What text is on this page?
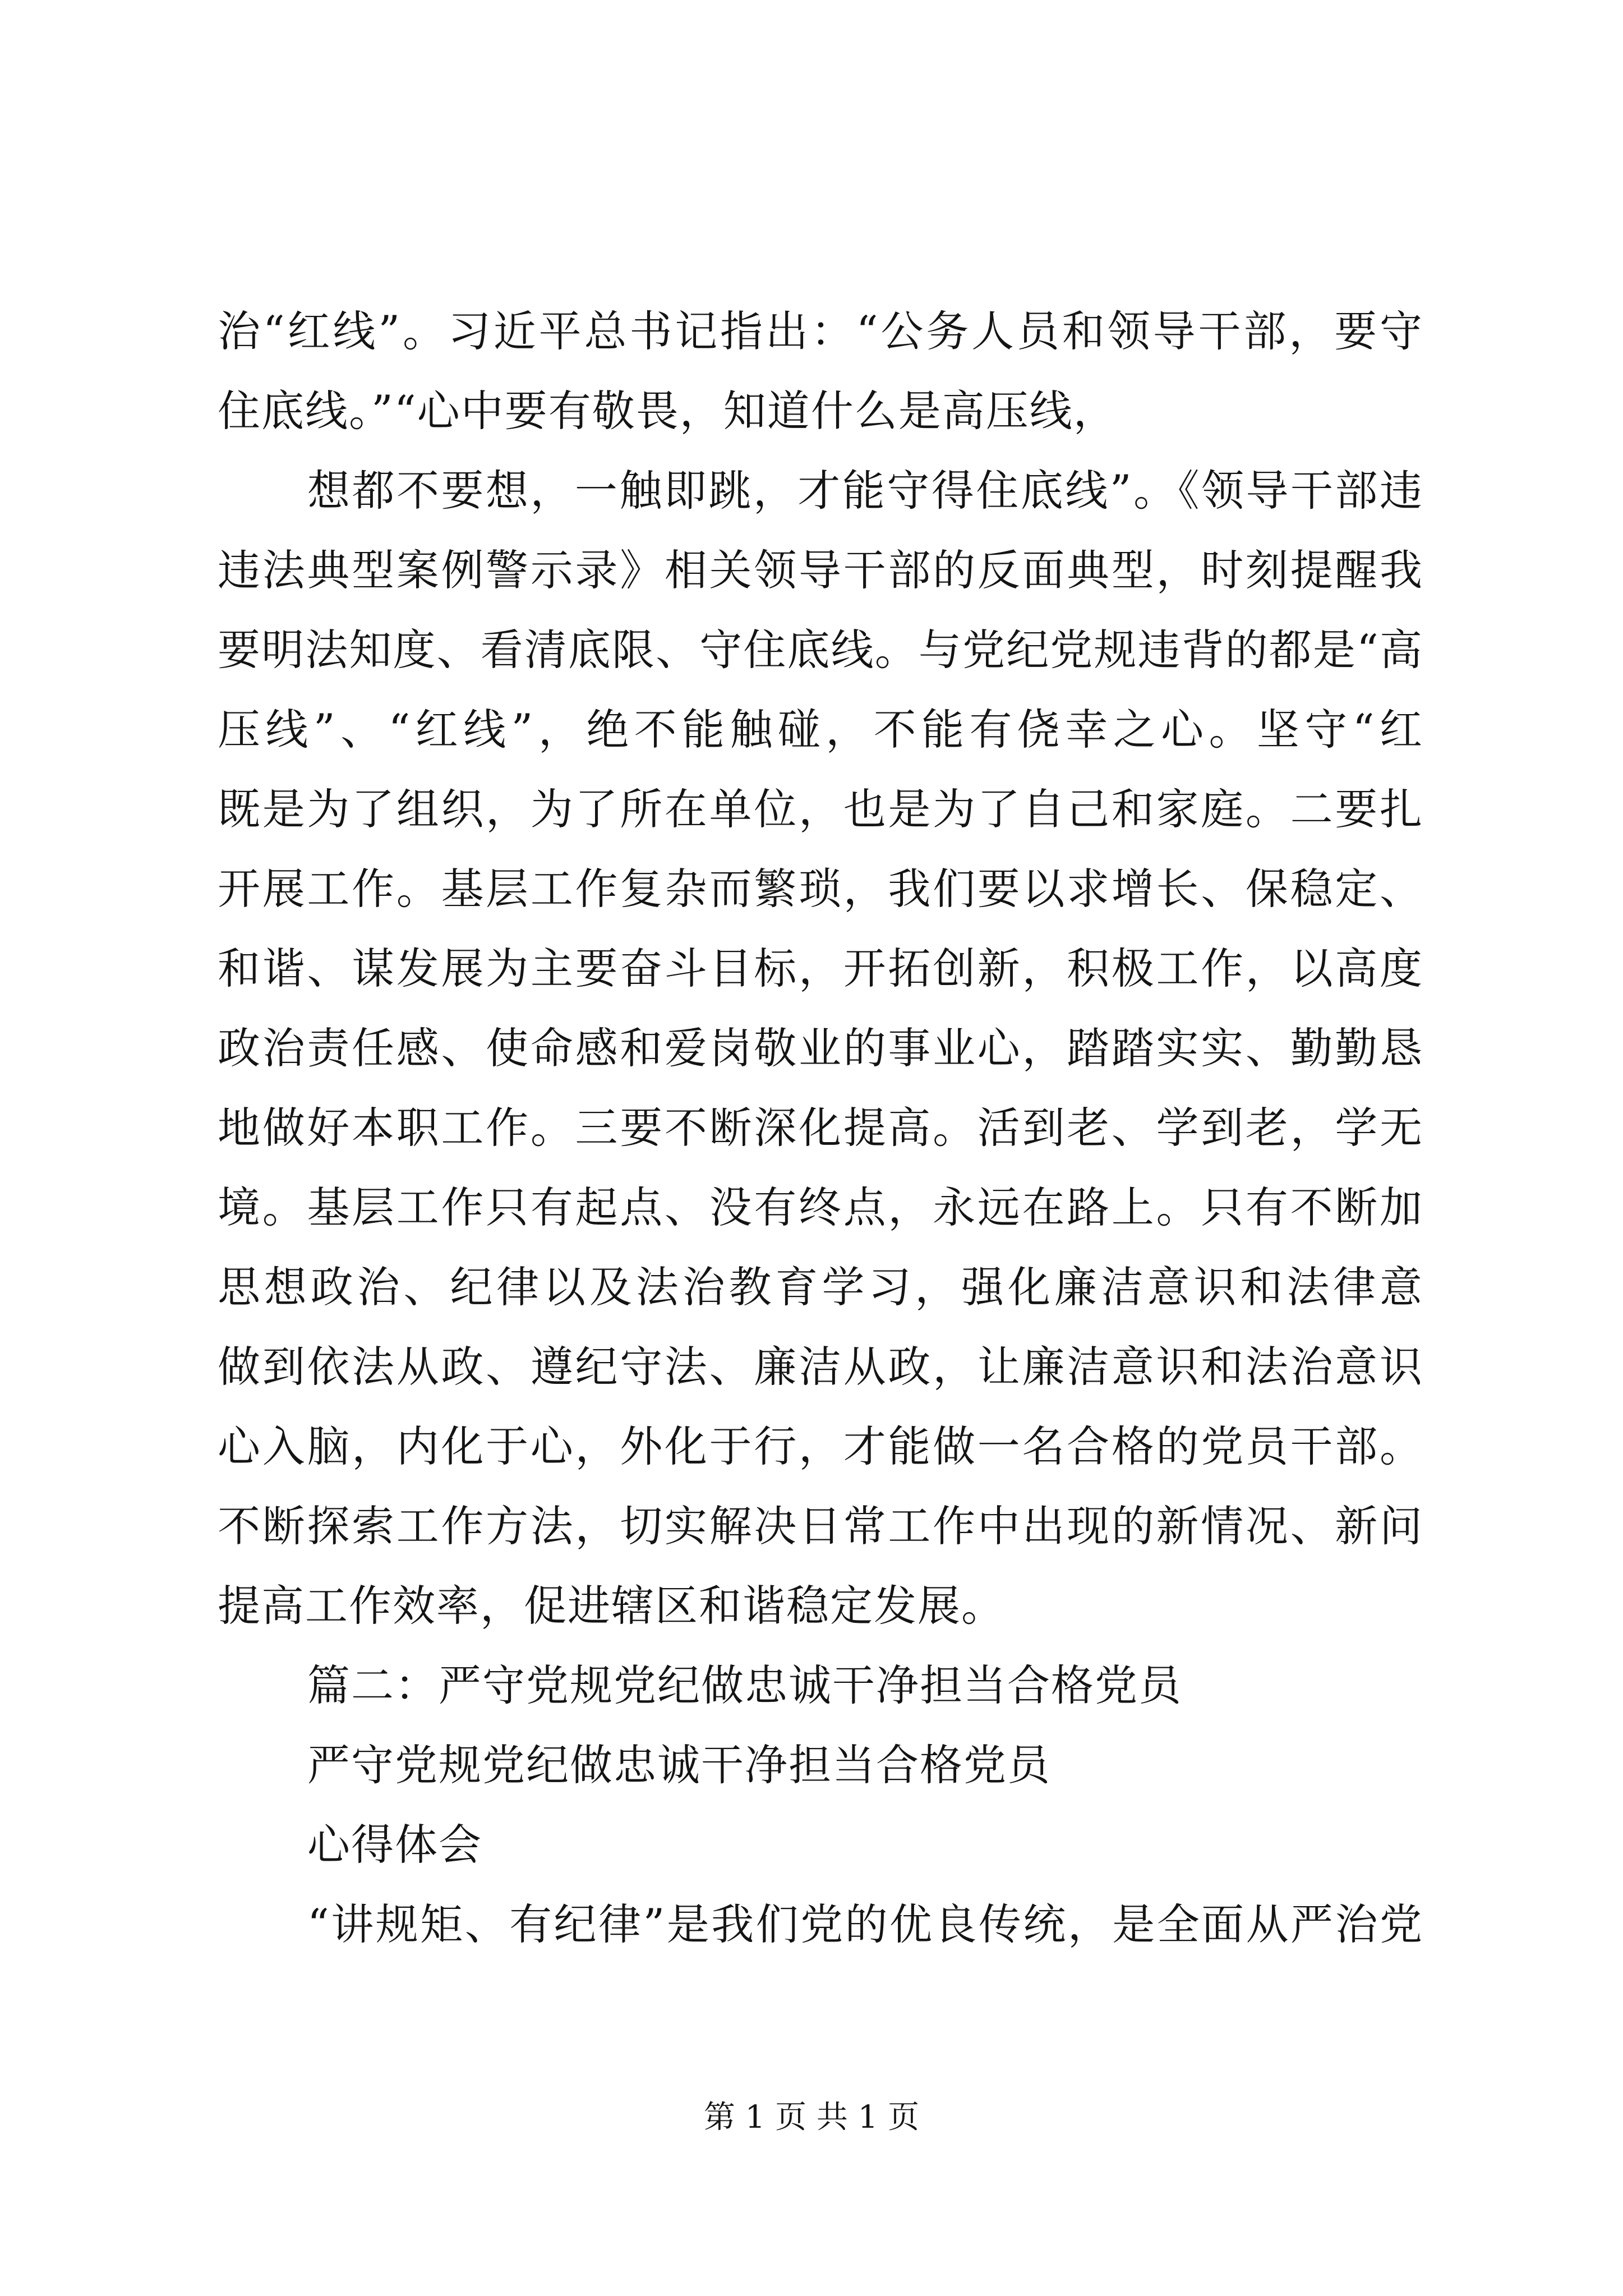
治“红线”。习近平总书记指出：“公务人员和领导干部，要守
住底线。”“心中要有敬畏，知道什么是高压线，
想都不要想，一触即跳，才能守得住底线”。《领导干部违
违法典型案例警示录》相关领导干部的反面典型，时刻提醒我
要明法知度、看清底限、守住底线。与党纪党规违背的都是“高
压线”、“红线”，绝不能触碰，不能有侥幸之心。坚守“红
既是为了组织，为了所在单位，也是为了自己和家庭。二要扎
开展工作。基层工作复杂而繁琐，我们要以求增长、保稳定、
和谐、谋发展为主要奋斗目标，开拓创新，积极工作，以高度
政治责任感、使命感和爱岗敬业的事业心，踏踏实实、勤勤恳
地做好本职工作。三要不断深化提高。活到老、学到老，学无
境。基层工作只有起点、没有终点，永远在路上。只有不断加
思想政治、纪律以及法治教育学习，强化廉洁意识和法律意
做到依法从政、遵纪守法、廉洁从政，让廉洁意识和法治意识
心入脑，内化于心，外化于行，才能做一名合格的党员干部。
不断探索工作方法，切实解决日常工作中出现的新情况、新问
提高工作效率，促进辖区和谐稳定发展。
篇二：严守党规党纪做忠诚干净担当合格党员
严守党规党纪做忠诚干净担当合格党员
心得体会
“讲规矩、有纪律”是我们党的优良传统，是全面从严治党
第 1 页 共 1 页
